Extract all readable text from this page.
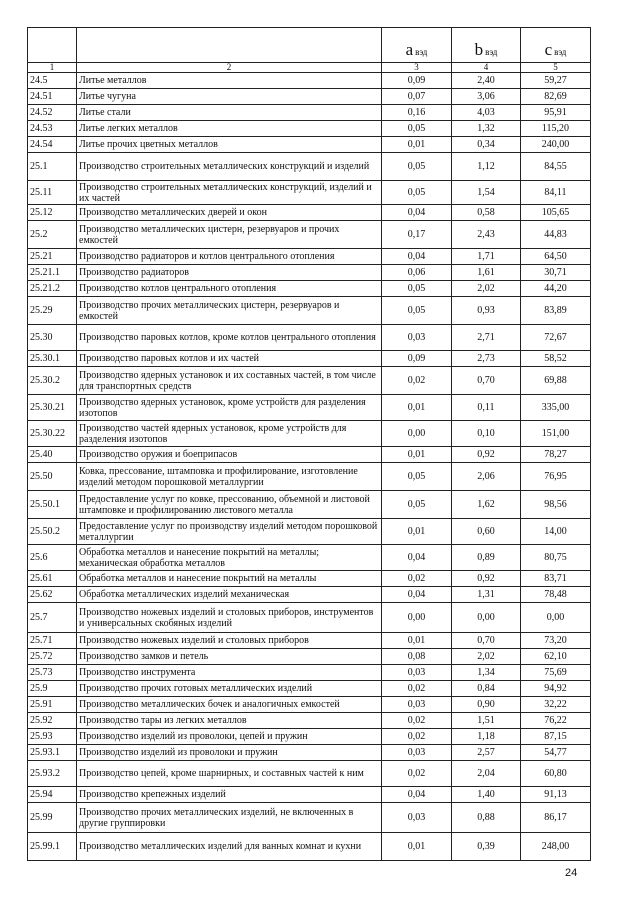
		a вэд	b вэд	c вэд
1	2	3	4	5
24.5	Литье металлов	0,09	2,40	59,27
24.51	Литье чугуна	0,07	3,06	82,69
24.52	Литье стали	0,16	4,03	95,91
24.53	Литье легких металлов	0,05	1,32	115,20
24.54	Литье прочих цветных металлов	0,01	0,34	240,00
25.1	Производство строительных металлических конструкций и изделий	0,05	1,12	84,55
25.11	Производство строительных металлических конструкций, изделий и их частей	0,05	1,54	84,11
25.12	Производство металлических дверей и окон	0,04	0,58	105,65
25.2	Производство металлических цистерн, резервуаров и прочих емкостей	0,17	2,43	44,83
25.21	Производство радиаторов и котлов центрального отопления	0,04	1,71	64,50
25.21.1	Производство радиаторов	0,06	1,61	30,71
25.21.2	Производство котлов центрального отопления	0,05	2,02	44,20
25.29	Производство прочих металлических цистерн, резервуаров и емкостей	0,05	0,93	83,89
25.30	Производство паровых котлов, кроме котлов центрального отопления	0,03	2,71	72,67
25.30.1	Производство паровых котлов и их частей	0,09	2,73	58,52
25.30.2	Производство ядерных установок и их составных частей, в том числе для транспортных средств	0,02	0,70	69,88
25.30.21	Производство ядерных установок, кроме устройств для разделения изотопов	0,01	0,11	335,00
25.30.22	Производство частей ядерных установок, кроме устройств для разделения изотопов	0,00	0,10	151,00
25.40	Производство оружия и боеприпасов	0,01	0,92	78,27
25.50	Ковка, прессование, штамповка и профилирование, изготовление изделий методом порошковой металлургии	0,05	2,06	76,95
25.50.1	Предоставление услуг по ковке, прессованию, объемной и листовой штамповке и профилированию листового металла	0,05	1,62	98,56
25.50.2	Предоставление услуг по производству изделий методом порошковой металлургии	0,01	0,60	14,00
25.6	Обработка металлов и нанесение покрытий на металлы; механическая обработка металлов	0,04	0,89	80,75
25.61	Обработка металлов и нанесение покрытий на металлы	0,02	0,92	83,71
25.62	Обработка металлических изделий механическая	0,04	1,31	78,48
25.7	Производство ножевых изделий и столовых приборов, инструментов и универсальных скобяных изделий	0,00	0,00	0,00
25.71	Производство ножевых изделий и столовых приборов	0,01	0,70	73,20
25.72	Производство замков и петель	0,08	2,02	62,10
25.73	Производство инструмента	0,03	1,34	75,69
25.9	Производство прочих готовых металлических изделий	0,02	0,84	94,92
25.91	Производство металлических бочек и аналогичных емкостей	0,03	0,90	32,22
25.92	Производство тары из легких металлов	0,02	1,51	76,22
25.93	Производство изделий из проволоки, цепей и пружин	0,02	1,18	87,15
25.93.1	Производство изделий из проволоки и пружин	0,03	2,57	54,77
25.93.2	Производство цепей, кроме шарнирных, и составных частей к ним	0,02	2,04	60,80
25.94	Производство крепежных изделий	0,04	1,40	91,13
25.99	Производство прочих металлических изделий, не включенных в другие группировки	0,03	0,88	86,17
25.99.1	Производство металлических изделий для ванных комнат и кухни	0,01	0,39	248,00
24
